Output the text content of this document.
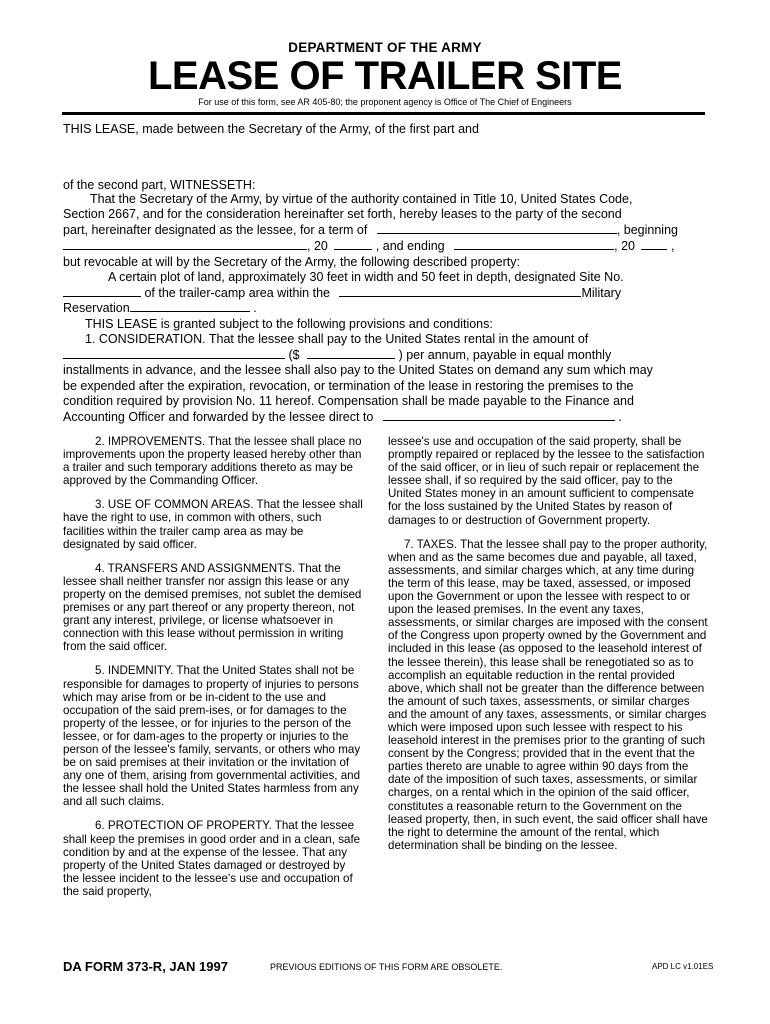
DEPARTMENT OF THE ARMY
LEASE OF TRAILER SITE
For use of this form, see AR 405-80; the proponent agency is Office of The Chief of Engineers
THIS LEASE, made between the Secretary of the Army, of the first part and
of the second part, WITNESSETH:
That the Secretary of the Army, by virtue of the authority contained in Title 10, United States Code,
Section 2667, and for the consideration hereinafter set forth, hereby leases to the party of the second
part, hereinafter designated as the lessee, for a term of	, beginning
, 20	, and ending	, 20	,
but revocable at will by the Secretary of the Army, the following described property:
A certain plot of land, approximately 30 feet in width and 50 feet in depth, designated Site No.
of the trailer-camp area within the	Military
Reservation	.
THIS LEASE is granted subject to the following provisions and conditions:
1. CONSIDERATION. That the lessee shall pay to the United States rental in the amount of
($	) per annum, payable in equal monthly
installments in advance, and the lessee shall also pay to the United States on demand any sum which may
be expended after the expiration, revocation, or termination of the lease in restoring the premises to the
condition required by provision No. 11 hereof. Compensation shall be made payable to the Finance and
Accounting Officer and forwarded by the lessee direct to	.

2. IMPROVEMENTS. That the lessee shall place no improvements upon the property leased hereby other than a trailer and such temporary additions thereto as may be approved by the Commanding Officer.

3. USE OF COMMON AREAS. That the lessee shall have the right to use, in common with others, such facilities within the trailer camp area as may be designated by said officer.

4. TRANSFERS AND ASSIGNMENTS. That the lessee shall neither transfer nor assign this lease or any property on the demised premises, not sublet the demised premises or any part thereof or any property thereon, not grant any interest, privilege, or license whatsoever in connection with this lease without permission in writing from the said officer.

5. INDEMNITY. That the United States shall not be responsible for damages to property of injuries to persons which may arise from or be in-cident to the use and occupation of the said prem-ises, or for damages to the property of the lessee, or for injuries to the person of the lessee, or for dam-ages to the property or injuries to the person of the lessee's family, servants, or others who may be on said premises at their invitation or the invitation of any one of them, arising from governmental activities, and the lessee shall hold the United States harmless from any and all such claims.

6. PROTECTION OF PROPERTY. That the lessee shall keep the premises in good order and in a clean, safe condition by and at the expense of the lessee. That any property of the United States damaged or destroyed by the lessee incident to the lessee's use and occupation of the said property,

lessee's use and occupation of the said property, shall be promptly repaired or replaced by the lessee to the satisfaction of the said officer, or in lieu of such repair or replacement the lessee shall, if so required by the said officer, pay to the United States money in an amount sufficient to compensate for the loss sustained by the United States by reason of damages to or destruction of Government property.

7. TAXES. That the lessee shall pay to the proper authority, when and as the same becomes due and payable, all taxed, assessments, and similar charges which, at any time during the term of this lease, may be taxed, assessed, or imposed upon the Government or upon the lessee with respect to or upon the leased premises. In the event any taxes, assessments, or similar charges are imposed with the consent of the Congress upon property owned by the Government and included in this lease (as opposed to the leasehold interest of the lessee therein), this lease shall be renegotiated so as to accomplish an equitable reduction in the rental provided above, which shall not be greater than the difference between the amount of such taxes, assessments, or similar charges and the amount of any taxes, assessments, or similar charges which were imposed upon such lessee with respect to his leasehold interest in the premises prior to the granting of such consent by the Congress; provided that in the event that the parties thereto are unable to agree within 90 days from the date of the imposition of such taxes, assessments, or similar charges, on a rental which in the opinion of the said officer, constitutes a reasonable return to the Government on the leased property, then, in such event, the said officer shall have the right to determine the amount of the rental, which determination shall be binding on the lessee.

DA FORM 373-R, JAN 1997	PREVIOUS EDITIONS OF THIS FORM ARE OBSOLETE.	APD LC v1.01ES
